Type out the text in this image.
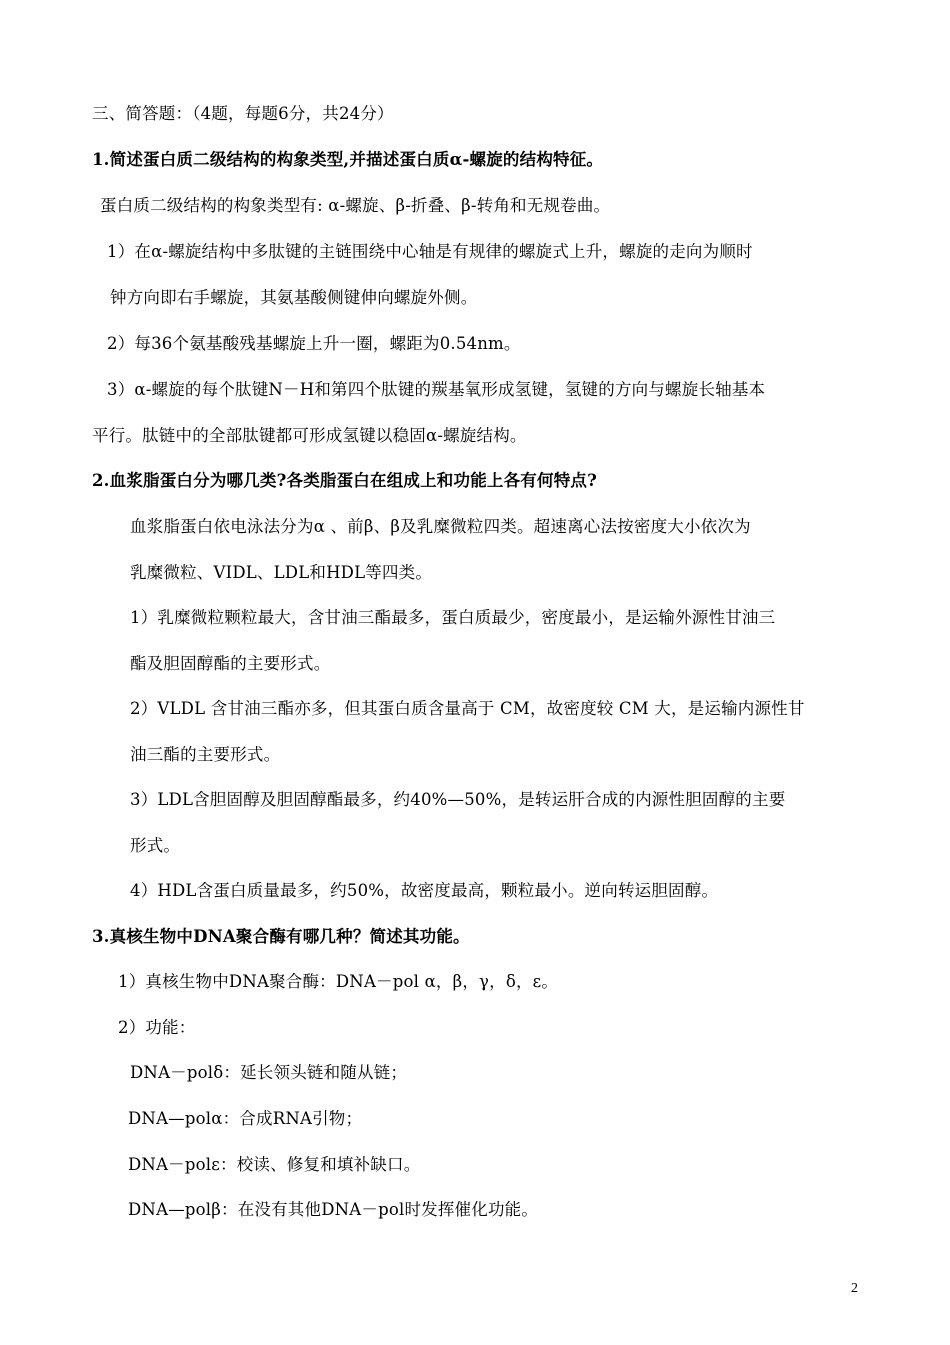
三、简答题：（4题，每题6分，共24分）
1.简述蛋白质二级结构的构象类型,并描述蛋白质α-螺旋的结构特征。
蛋白质二级结构的构象类型有: α-螺旋、β-折叠、β-转角和无规卷曲。
1）在α-螺旋结构中多肽键的主链围绕中心轴是有规律的螺旋式上升，螺旋的走向为顺时
钟方向即右手螺旋，其氨基酸侧键伸向螺旋外侧。
2）每36个氨基酸残基螺旋上升一圈，螺距为0.54nm。
3）α-螺旋的每个肽键N－H和第四个肽键的羰基氧形成氢键，氢键的方向与螺旋长轴基本
平行。肽链中的全部肽键都可形成氢键以稳固α-螺旋结构。
2.血浆脂蛋白分为哪几类?各类脂蛋白在组成上和功能上各有何特点?
血浆脂蛋白依电泳法分为α 、前β、β及乳糜微粒四类。超速离心法按密度大小依次为
乳糜微粒、VIDL、LDL和HDL等四类。
1）乳糜微粒颗粒最大，含甘油三酯最多，蛋白质最少，密度最小，是运输外源性甘油三
酯及胆固醇酯的主要形式。
2）VLDL 含甘油三酯亦多，但其蛋白质含量高于 CM，故密度较 CM 大，是运输内源性甘
油三酯的主要形式。
3）LDL含胆固醇及胆固醇酯最多，约40%—50%，是转运肝合成的内源性胆固醇的主要
形式。
4）HDL含蛋白质量最多，约50%，故密度最高，颗粒最小。逆向转运胆固醇。
3.真核生物中DNA聚合酶有哪几种？简述其功能。
1）真核生物中DNA聚合酶：DNA－pol α，β，γ，δ，ε。
2）功能：
DNA－polδ：延长领头链和随从链；
DNA—polα：合成RNA引物；
DNA－polε：校读、修复和填补缺口。
DNA—polβ：在没有其他DNA－pol时发挥催化功能。
2
